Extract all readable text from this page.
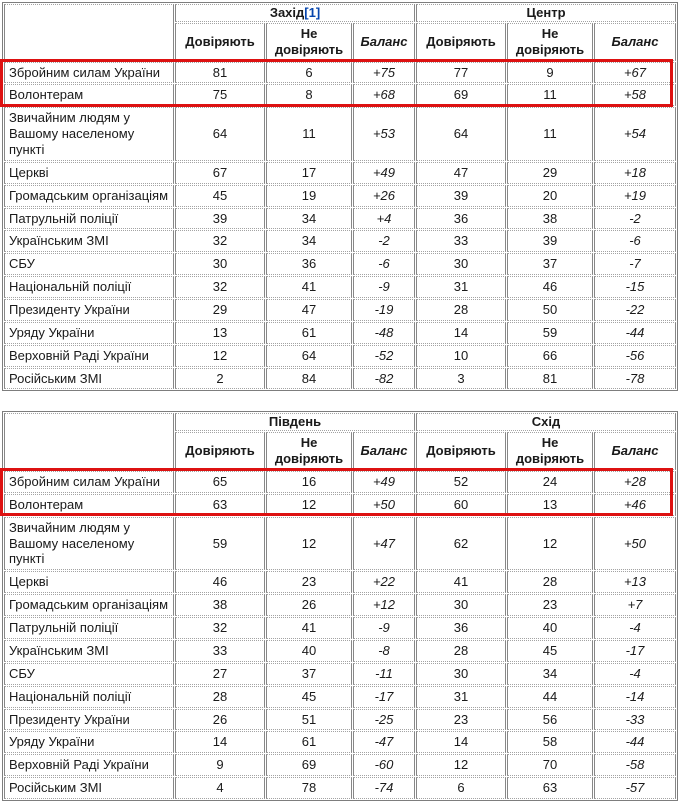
	Захід[1]			Центр		
	Довіряють	Не довіряють	Баланс	Довіряють	Не довіряють	Баланс
Збройним силам України	81	6	+75	77	9	+67
Волонтерам	75	8	+68	69	11	+58
Звичайним людям у Вашому населеному пункті	64	11	+53	64	11	+54
Церкві	67	17	+49	47	29	+18
Громадським організаціям	45	19	+26	39	20	+19
Патрульній поліції	39	34	+4	36	38	-2
Українським ЗМІ	32	34	-2	33	39	-6
СБУ	30	36	-6	30	37	-7
Національній поліції	32	41	-9	31	46	-15
Президенту України	29	47	-19	28	50	-22
Уряду України	13	61	-48	14	59	-44
Верховній Раді України	12	64	-52	10	66	-56
Російським ЗМІ	2	84	-82	3	81	-78
	Південь			Схід		
	Довіряють	Не довіряють	Баланс	Довіряють	Не довіряють	Баланс
Збройним силам України	65	16	+49	52	24	+28
Волонтерам	63	12	+50	60	13	+46
Звичайним людям у Вашому населеному пункті	59	12	+47	62	12	+50
Церкві	46	23	+22	41	28	+13
Громадським організаціям	38	26	+12	30	23	+7
Патрульній поліції	32	41	-9	36	40	-4
Українським ЗМІ	33	40	-8	28	45	-17
СБУ	27	37	-11	30	34	-4
Національній поліції	28	45	-17	31	44	-14
Президенту України	26	51	-25	23	56	-33
Уряду України	14	61	-47	14	58	-44
Верховній Раді України	9	69	-60	12	70	-58
Російським ЗМІ	4	78	-74	6	63	-57
